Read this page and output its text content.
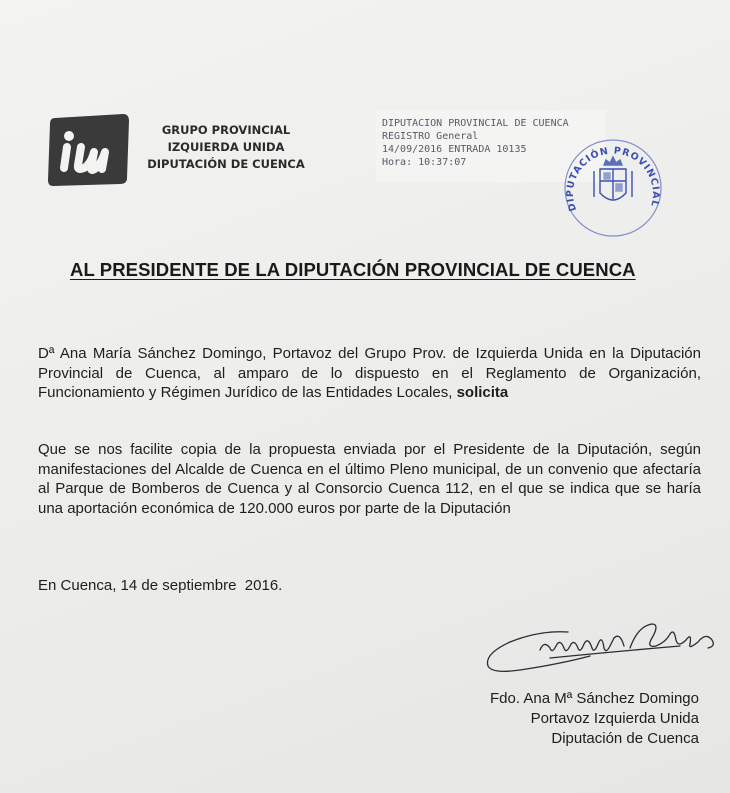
iu
GRUPO PROVINCIAL
IZQUIERDA UNIDA
DIPUTACIÓN DE CUENCA
DIPUTACION PROVINCIAL DE CUENCA
REGISTRO General
14/09/2016 ENTRADA 10135
Hora: 10:37:07
DIPUTACIÓN PROVINCIAL
AL PRESIDENTE DE LA DIPUTACIÓN PROVINCIAL DE CUENCA
Dª Ana María Sánchez Domingo, Portavoz del Grupo Prov. de Izquierda Unida en la Diputación Provincial de Cuenca, al amparo de lo dispuesto en el Reglamento de Organización, Funcionamiento y Régimen Jurídico de las Entidades Locales, solicita
Que se nos facilite copia de la propuesta enviada por el Presidente de la Diputación, según manifestaciones del Alcalde de Cuenca en el último Pleno municipal, de un convenio que afectaría al Parque de Bomberos de Cuenca y al Consorcio Cuenca 112, en el que se indica que se haría una aportación económica de 120.000 euros por parte de la Diputación
En Cuenca, 14 de septiembre  2016.
Fdo. Ana Mª Sánchez Domingo
Portavoz Izquierda Unida
Diputación de Cuenca
